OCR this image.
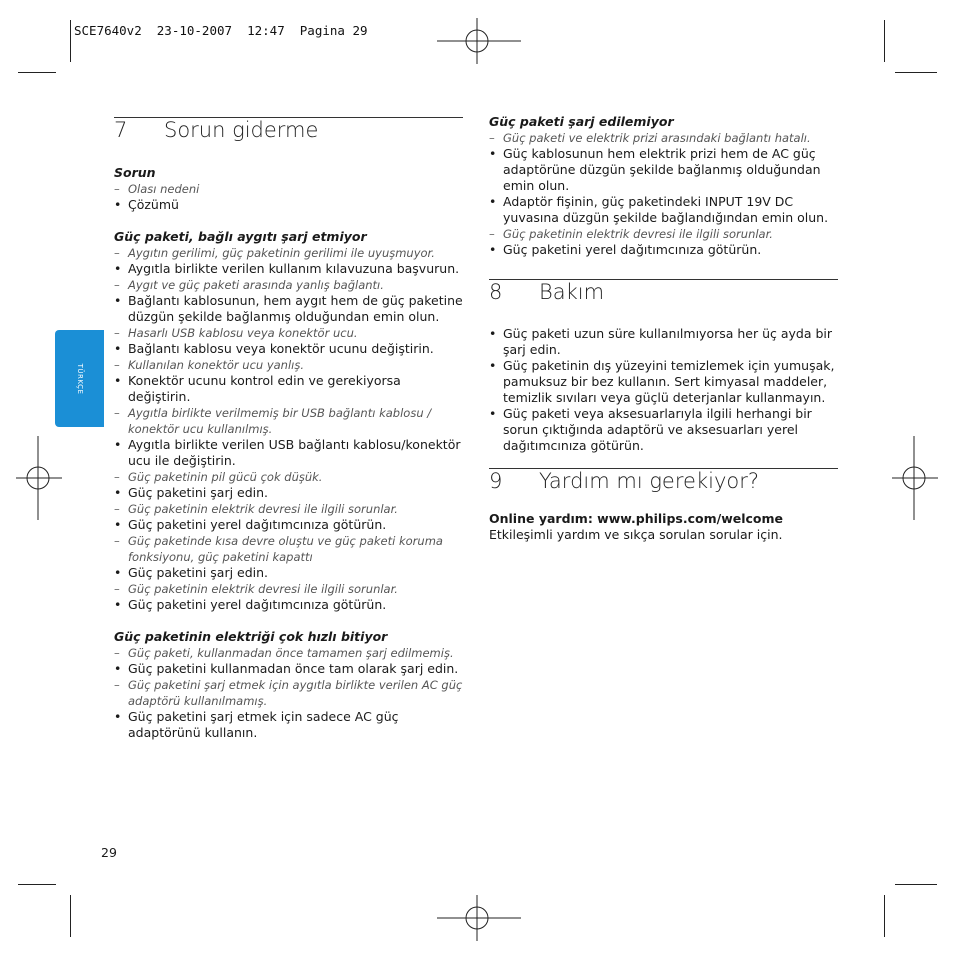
SCE7640v2  23-10-2007  12:47  Pagina 29
TÜRKÇE
7	Sorun giderme

Sorun

– Olası nedeni

• Çözümü

Güç paketi, bağlı aygıtı şarj etmiyor

– Aygıtın gerilimi, güç paketinin gerilimi ile uyuşmuyor.

• Aygıtla birlikte verilen kullanım kılavuzuna başvurun.

– Aygıt ve güç paketi arasında yanlış bağlantı.

• Bağlantı kablosunun, hem aygıt hem de güç paketine düzgün şekilde bağlanmış olduğundan emin olun.

– Hasarlı USB kablosu veya konektör ucu.

• Bağlantı kablosu veya konektör ucunu değiştirin.

– Kullanılan konektör ucu yanlış.

• Konektör ucunu kontrol edin ve gerekiyorsa değiştirin.

– Aygıtla birlikte verilmemiş bir USB bağlantı kablosu / konektör ucu kullanılmış.

• Aygıtla birlikte verilen USB bağlantı kablosu/konektör ucu ile değiştirin.

– Güç paketinin pil gücü çok düşük.

• Güç paketini şarj edin.

– Güç paketinin elektrik devresi ile ilgili sorunlar.

• Güç paketini yerel dağıtımcınıza götürün.

– Güç paketinde kısa devre oluştu ve güç paketi koruma fonksiyonu, güç paketini kapattı

• Güç paketini şarj edin.

– Güç paketinin elektrik devresi ile ilgili sorunlar.

• Güç paketini yerel dağıtımcınıza götürün.

Güç paketinin elektriği çok hızlı bitiyor

– Güç paketi, kullanmadan önce tamamen şarj edilmemiş.

• Güç paketini kullanmadan önce tam olarak şarj edin.

– Güç paketini şarj etmek için aygıtla birlikte verilen AC güç adaptörü kullanılmamış.

• Güç paketini şarj etmek için sadece AC güç adaptörünü kullanın.

Güç paketi şarj edilemiyor

– Güç paketi ve elektrik prizi arasındaki bağlantı hatalı.

• Güç kablosunun hem elektrik prizi hem de AC güç adaptörüne düzgün şekilde bağlanmış olduğundan emin olun.

• Adaptör fişinin, güç paketindeki INPUT 19V DC yuvasına düzgün şekilde bağlandığından emin olun.

– Güç paketinin elektrik devresi ile ilgili sorunlar.

• Güç paketini yerel dağıtımcınıza götürün.

8	Bakım

• Güç paketi uzun süre kullanılmıyorsa her üç ayda bir şarj edin.

• Güç paketinin dış yüzeyini temizlemek için yumuşak, pamuksuz bir bez kullanın. Sert kimyasal maddeler, temizlik sıvıları veya güçlü deterjanlar kullanmayın.

• Güç paketi veya aksesuarlarıyla ilgili herhangi bir sorun çıktığında adaptörü ve aksesuarları yerel dağıtımcınıza götürün.

9	Yardım mı gerekiyor?

Online yardım: www.philips.com/welcome

Etkileşimli yardım ve sıkça sorulan sorular için.

29
